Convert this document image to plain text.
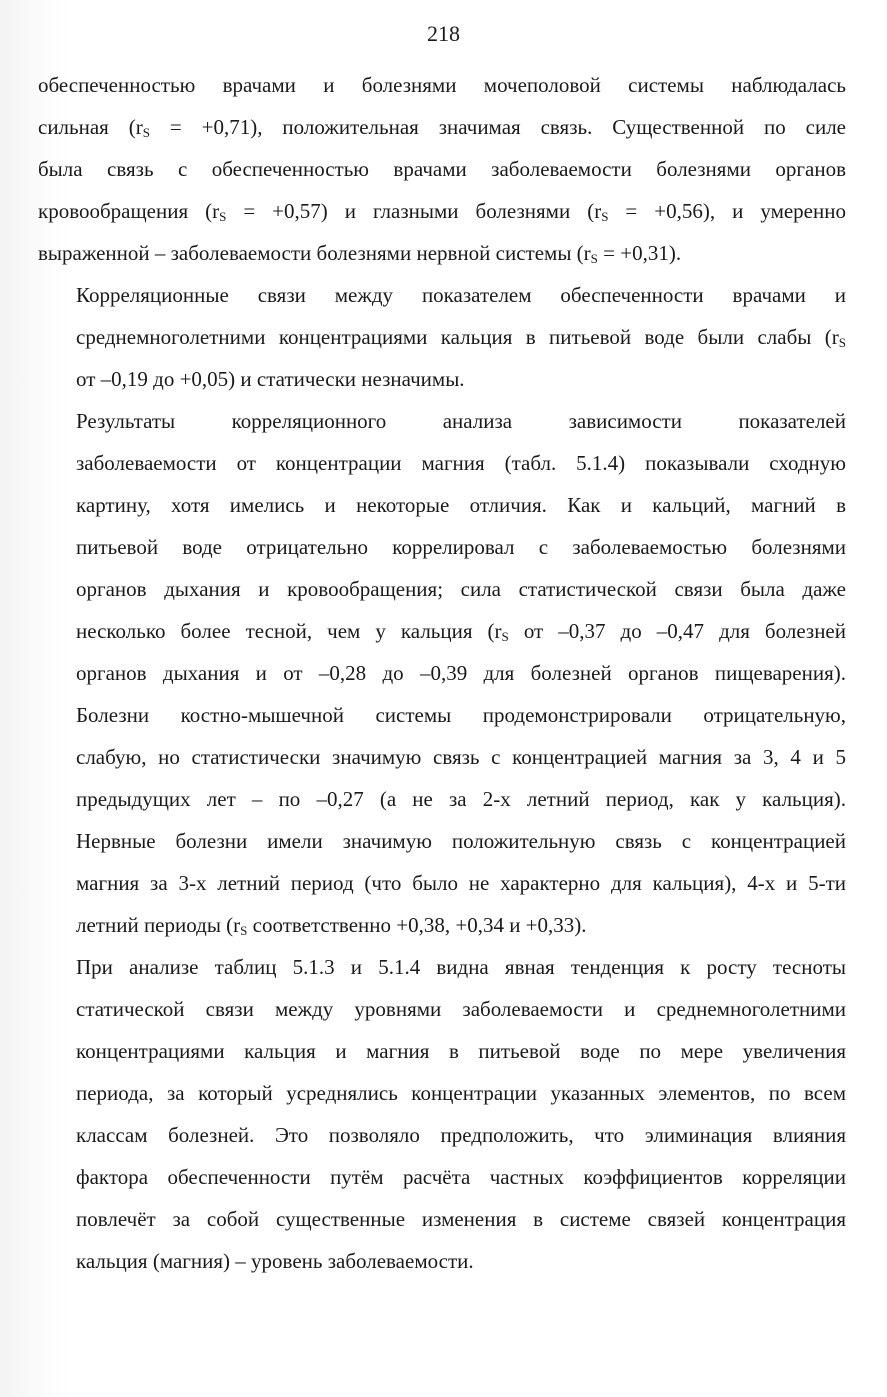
218

обеспеченностью врачами и болезнями мочеполовой системы наблюдалась
сильная $(r_S = +0,71)$, положительная значимая связь. Существенной по силе
была связь с обеспеченностью врачами заболеваемости болезнями органов
кровообращения $(r_S = +0,57)$ и глазными болезнями $(r_S = +0,56)$, и умеренно
выраженной – заболеваемости болезнями нервной системы $(r_S = +0,31)$.

Корреляционные связи между показателем обеспеченности врачами и
среднемноголетними концентрациями кальция в питьевой воде были слабы ($r_S$
от –0,19 до +0,05) и статически незначимы.

Результаты корреляционного анализа зависимости показателей
заболеваемости от концентрации магния (табл. 5.1.4) показывали сходную
картину, хотя имелись и некоторые отличия. Как и кальций, магний в
питьевой воде отрицательно коррелировал с заболеваемостью болезнями
органов дыхания и кровообращения; сила статистической связи была даже
несколько более тесной, чем у кальция ($r_S$ от –0,37 до –0,47 для болезней
органов дыхания и от –0,28 до –0,39 для болезней органов пищеварения).
Болезни костно-мышечной системы продемонстрировали отрицательную,
слабую, но статистически значимую связь с концентрацией магния за 3, 4 и 5
предыдущих лет – по –0,27 (а не за 2-х летний период, как у кальция).
Нервные болезни имели значимую положительную связь с концентрацией
магния за 3-х летний период (что было не характерно для кальция), 4-х и 5-ти
летний периоды ($r_S$ соответственно +0,38, +0,34 и +0,33).

При анализе таблиц 5.1.3 и 5.1.4 видна явная тенденция к росту тесноты
статической связи между уровнями заболеваемости и среднемноголетними
концентрациями кальция и магния в питьевой воде по мере увеличения
периода, за который усреднялись концентрации указанных элементов, по всем
классам болезней. Это позволяло предположить, что элиминация влияния
фактора обеспеченности путём расчёта частных коэффициентов корреляции
повлечёт за собой существенные изменения в системе связей концентрация
кальция (магния) – уровень заболеваемости.
